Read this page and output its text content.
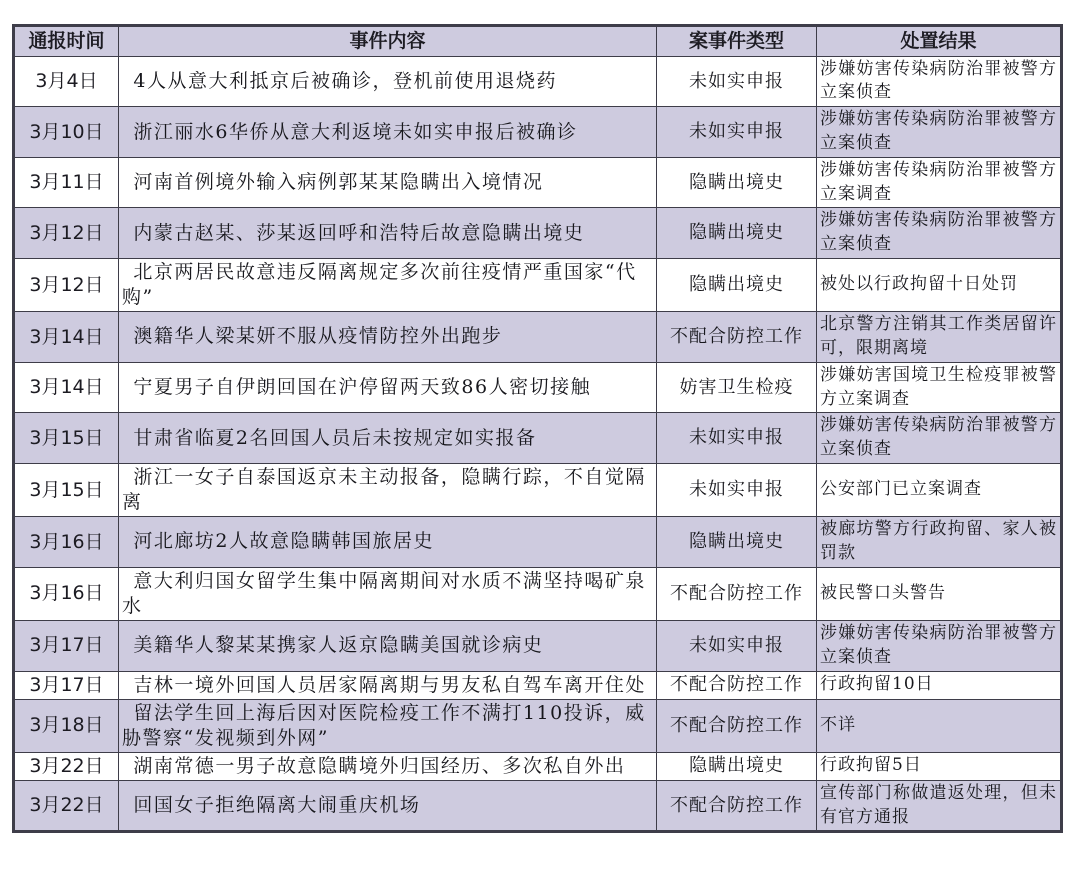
通报时间	事件内容	案事件类型	处置结果
3月4日	4人从意大利抵京后被确诊，登机前使用退烧药	未如实申报	涉嫌妨害传染病防治罪被警方立案侦查
3月10日	浙江丽水6华侨从意大利返境未如实申报后被确诊	未如实申报	涉嫌妨害传染病防治罪被警方立案侦查
3月11日	河南首例境外输入病例郭某某隐瞒出入境情况	隐瞒出境史	涉嫌妨害传染病防治罪被警方立案调查
3月12日	内蒙古赵某、莎某返回呼和浩特后故意隐瞒出境史	隐瞒出境史	涉嫌妨害传染病防治罪被警方立案侦查
3月12日	北京两居民故意违反隔离规定多次前往疫情严重国家“代购”	隐瞒出境史	被处以行政拘留十日处罚
3月14日	澳籍华人梁某妍不服从疫情防控外出跑步	不配合防控工作	北京警方注销其工作类居留许可，限期离境
3月14日	宁夏男子自伊朗回国在沪停留两天致86人密切接触	妨害卫生检疫	涉嫌妨害国境卫生检疫罪被警方立案调查
3月15日	甘肃省临夏2名回国人员后未按规定如实报备	未如实申报	涉嫌妨害传染病防治罪被警方立案侦查
3月15日	浙江一女子自泰国返京未主动报备，隐瞒行踪，不自觉隔离	未如实申报	公安部门已立案调查
3月16日	河北廊坊2人故意隐瞒韩国旅居史	隐瞒出境史	被廊坊警方行政拘留、家人被罚款
3月16日	意大利归国女留学生集中隔离期间对水质不满坚持喝矿泉水	不配合防控工作	被民警口头警告
3月17日	美籍华人黎某某携家人返京隐瞒美国就诊病史	未如实申报	涉嫌妨害传染病防治罪被警方立案侦查
3月17日	吉林一境外回国人员居家隔离期与男友私自驾车离开住处	不配合防控工作	行政拘留10日
3月18日	留法学生回上海后因对医院检疫工作不满打110投诉，威胁警察“发视频到外网”	不配合防控工作	不详
3月22日	湖南常德一男子故意隐瞒境外归国经历、多次私自外出	隐瞒出境史	行政拘留5日
3月22日	回国女子拒绝隔离大闹重庆机场	不配合防控工作	宣传部门称做遣返处理，但未有官方通报
